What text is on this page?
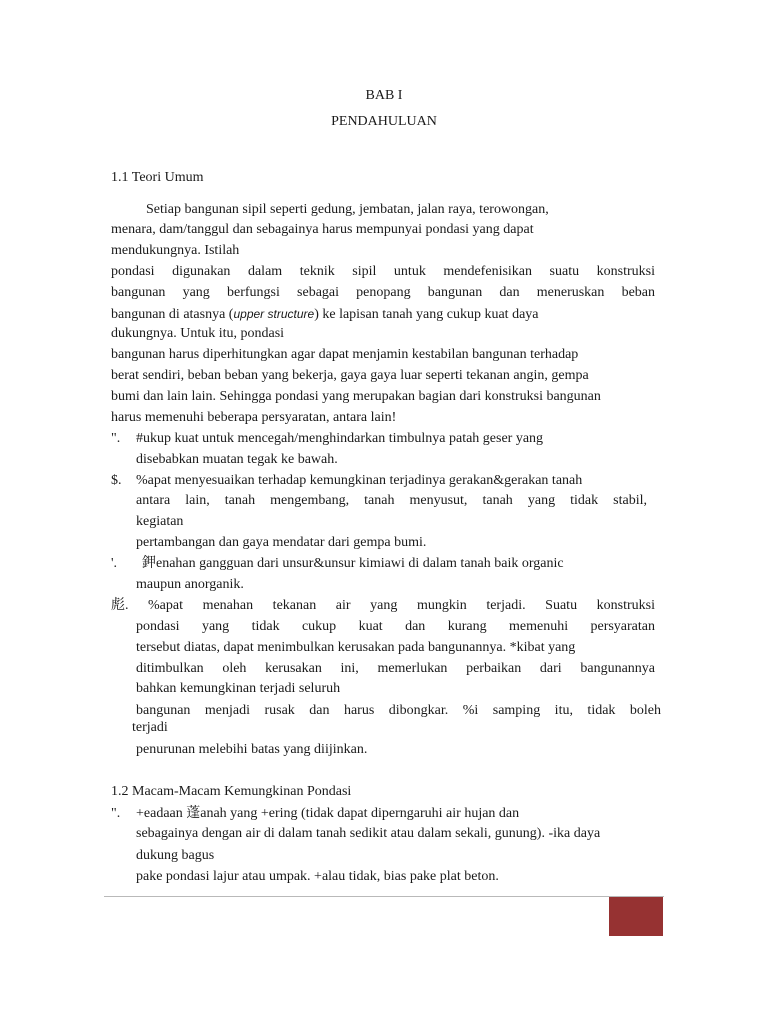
BAB I
PENDAHULUAN
1.1 Teori Umum
Setiap bangunan sipil seperti gedung, jembatan, jalan raya, terowongan,
menara, dam/tanggul dan sebagainya harus mempunyai pondasi yang dapat
mendukungnya. Istilah
pondasi digunakan dalam teknik sipil untuk mendefenisikan suatu konstruksi
bangunan yang berfungsi sebagai penopang bangunan dan meneruskan beban
bangunan di atasnya (upper structure) ke lapisan tanah yang cukup kuat daya
dukungnya. Untuk itu, pondasi
bangunan harus diperhitungkan agar dapat menjamin kestabilan bangunan terhadap
berat sendiri, beban beban yang bekerja, gaya gaya luar seperti tekanan angin, gempa
bumi dan lain lain. Sehingga pondasi yang merupakan bagian dari konstruksi bangunan
harus memenuhi beberapa persyaratan, antara lain!
". #ukup kuat untuk mencegah/menghindarkan timbulnya patah geser yang
disebabkan muatan tegak ke bawah.
$. %apat menyesuaikan terhadap kemungkinan terjadinya gerakan&gerakan tanah
antara lain, tanah mengembang, tanah menyusut, tanah yang tidak stabil,
kegiatan
pertambangan dan gaya mendatar dari gempa bumi.
'. 鉀enahan gangguan dari unsur&unsur kimiawi di dalam tanah baik organic
maupun anorganik.
彪. %apat menahan tekanan air yang mungkin terjadi. Suatu konstruksi
pondasi yang tidak cukup kuat dan kurang memenuhi persyaratan
tersebut diatas, dapat menimbulkan kerusakan pada bangunannya. *kibat yang
ditimbulkan oleh kerusakan ini, memerlukan perbaikan dari bangunannya
bahkan kemungkinan terjadi seluruh
bangunan menjadi rusak dan harus dibongkar. %i samping itu, tidak boleh
terjadi
penurunan melebihi batas yang diijinkan.
1.2 Macam-Macam Kemungkinan Pondasi
". +eadaan 蓬anah yang +ering (tidak dapat diperngaruhi air hujan dan
sebagainya dengan air di dalam tanah sedikit atau dalam sekali, gunung). -ika daya
dukung bagus
pake pondasi lajur atau umpak. +alau tidak, bias pake plat beton.
